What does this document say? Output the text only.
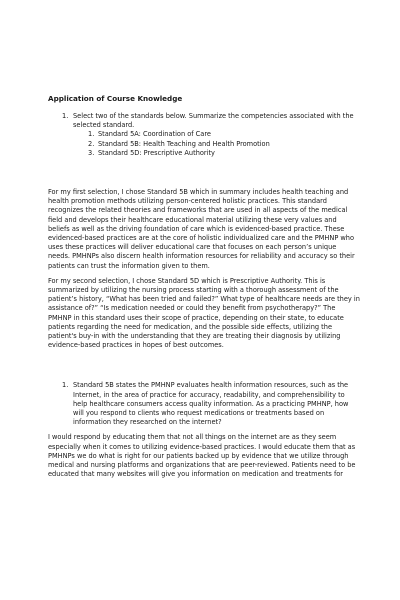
Application of Course Knowledge
1. Select two of the standards below. Summarize the competencies associated with the selected standard.
1. Standard 5A: Coordination of Care
2. Standard 5B: Health Teaching and Health Promotion
3. Standard 5D: Prescriptive Authority

For my first selection, I chose Standard 5B which in summary includes health teaching and health promotion methods utilizing person-centered holistic practices. This standard recognizes the related theories and frameworks that are used in all aspects of the medical field and develops their healthcare educational material utilizing these very values and beliefs as well as the driving foundation of care which is evidenced-based practice. These evidenced-based practices are at the core of holistic individualized care and the PMHNP who uses these practices will deliver educational care that focuses on each person’s unique needs. PMHNPs also discern health information resources for reliability and accuracy so their patients can trust the information given to them.

For my second selection, I chose Standard 5D which is Prescriptive Authority. This is summarized by utilizing the nursing process starting with a thorough assessment of the patient’s history, “What has been tried and failed?” What type of healthcare needs are they in assistance of?” “Is medication needed or could they benefit from psychotherapy?” The PMHNP in this standard uses their scope of practice, depending on their state, to educate patients regarding the need for medication, and the possible side effects, utilizing the patient's buy-in with the understanding that they are treating their diagnosis by utilizing evidence-based practices in hopes of best outcomes.

1. Standard 5B states the PMHNP evaluates health information resources, such as the Internet, in the area of practice for accuracy, readability, and comprehensibility to help healthcare consumers access quality information. As a practicing PMHNP, how will you respond to clients who request medications or treatments based on information they researched on the internet?

I would respond by educating them that not all things on the internet are as they seem especially when it comes to utilizing evidence-based practices. I would educate them that as PMHNPs we do what is right for our patients backed up by evidence that we utilize through medical and nursing platforms and organizations that are peer-reviewed. Patients need to be educated that many websites will give you information on medication and treatments for
